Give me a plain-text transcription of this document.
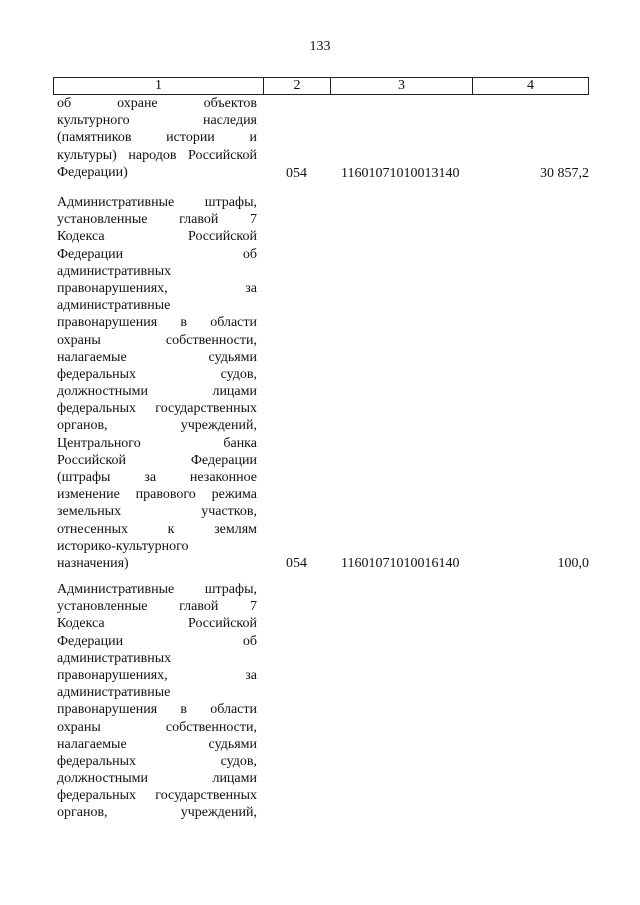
133
1	2	3	4
об охране объектов
культурного наследия
(памятников истории и
культуры) народов Российской
Федерации)	054	11601071010013140	30 857,2
Административные штрафы,
установленные главой 7
Кодекса Российской
Федерации об
административных
правонарушениях, за
административные
правонарушения в области
охраны собственности,
налагаемые судьями
федеральных судов,
должностными лицами
федеральных государственных
органов, учреждений,
Центрального банка
Российской Федерации
(штрафы за незаконное
изменение правового режима
земельных участков,
отнесенных к землям
историко-культурного
назначения)	054	11601071010016140	100,0
Административные штрафы,
установленные главой 7
Кодекса Российской
Федерации об
административных
правонарушениях, за
административные
правонарушения в области
охраны собственности,
налагаемые судьями
федеральных судов,
должностными лицами
федеральных государственных
органов, учреждений,
